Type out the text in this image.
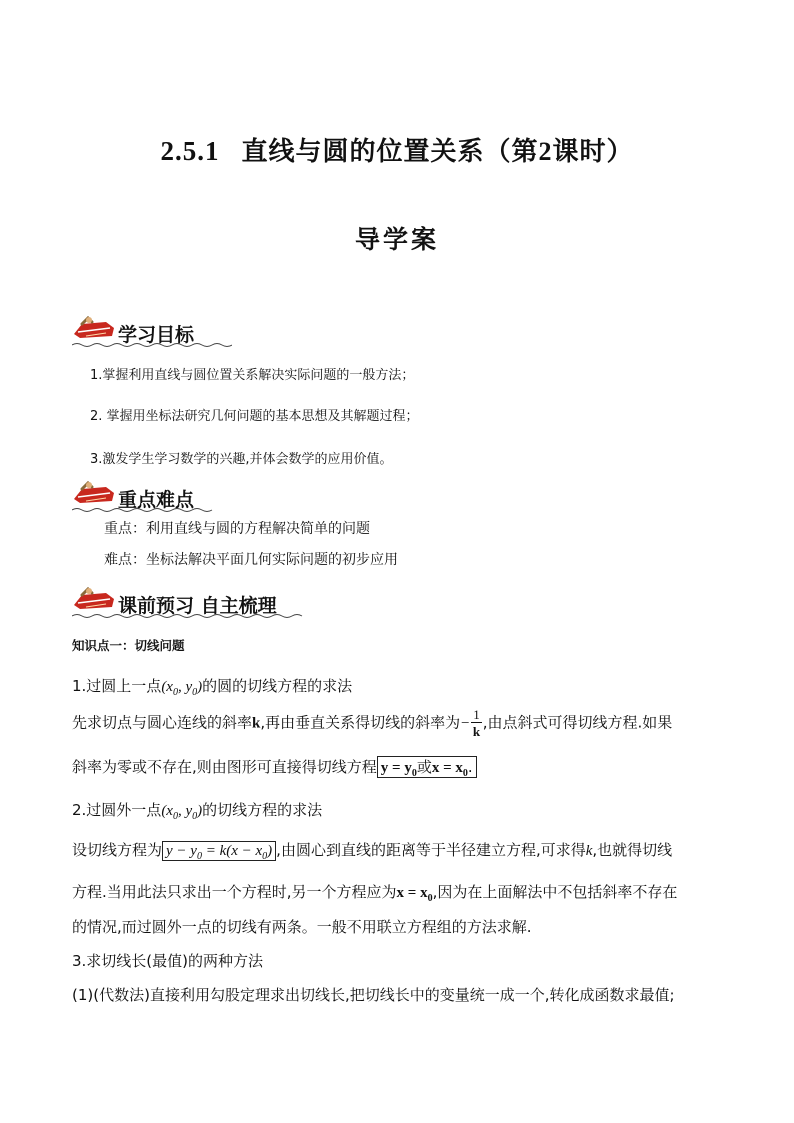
2.5.1 直线与圆的位置关系（第2课时）
导学案
学习目标
1.掌握利用直线与圆位置关系解决实际问题的一般方法；
2. 掌握用坐标法研究几何问题的基本思想及其解题过程；
3.激发学生学习数学的兴趣,并体会数学的应用价值。
重点难点
重点：利用直线与圆的方程解决简单的问题
难点：坐标法解决平面几何实际问题的初步应用
课前预习 自主梳理
知识点一：切线问题
1.过圆上一点($x_0$, $y_0$)的圆的切线方程的求法
先求切点与圆心连线的斜率k,再由垂直关系得切线的斜率为− $\frac{1}{k}$ ,由点斜式可得切线方程.如果
斜率为零或不存在,则由图形可直接得切线方程 $y = y_0$或$x = x_0$.
2.过圆外一点($x_0$, $y_0$)的切线方程的求法
设切线方程为 $y - y_0 = k(x - x_0)$ ,由圆心到直线的距离等于半径建立方程,可求得k,也就得切线
方程.当用此法只求出一个方程时,另一个方程应为$x = x_0$,因为在上面解法中不包括斜率不存在
的情况,而过圆外一点的切线有两条。一般不用联立方程组的方法求解.
3.求切线长(最值)的两种方法
(1)(代数法)直接利用勾股定理求出切线长,把切线长中的变量统一成一个,转化成函数求最值;
